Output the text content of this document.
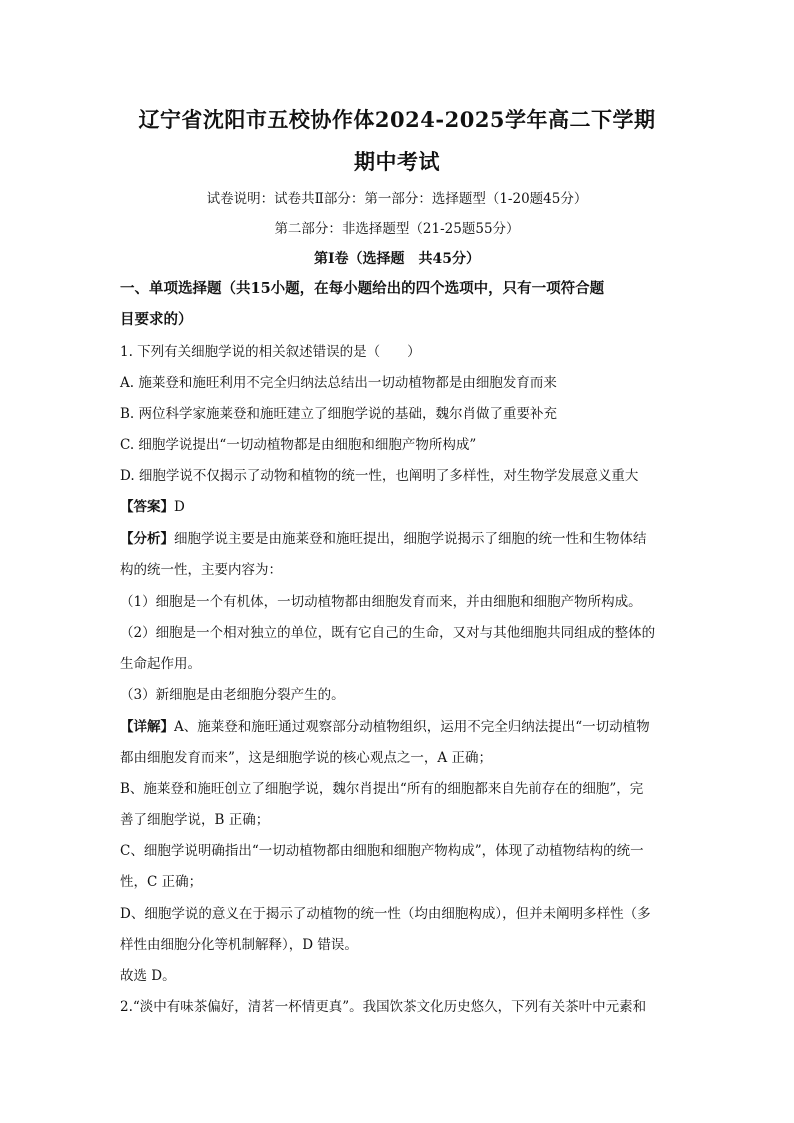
辽宁省沈阳市五校协作体2024-2025学年高二下学期
期中考试
试卷说明：试卷共Ⅱ部分：第一部分：选择题型（1-20题45分）
第二部分：非选择题型（21-25题55分）
第Ⅰ卷（选择题　共45分）
一、单项选择题（共15小题，在每小题给出的四个选项中，只有一项符合题
目要求的）
1. 下列有关细胞学说的相关叙述错误的是（　　）
A. 施莱登和施旺利用不完全归纳法总结出一切动植物都是由细胞发育而来
B. 两位科学家施莱登和施旺建立了细胞学说的基础，魏尔肖做了重要补充
C. 细胞学说提出“一切动植物都是由细胞和细胞产物所构成”
D. 细胞学说不仅揭示了动物和植物的统一性，也阐明了多样性，对生物学发展意义重大
【答案】D
【分析】细胞学说主要是由施莱登和施旺提出，细胞学说揭示了细胞的统一性和生物体结
构的统一性，主要内容为：
（1）细胞是一个有机体，一切动植物都由细胞发育而来，并由细胞和细胞产物所构成。
（2）细胞是一个相对独立的单位，既有它自己的生命，又对与其他细胞共同组成的整体的
生命起作用。
（3）新细胞是由老细胞分裂产生的。
【详解】A、施莱登和施旺通过观察部分动植物组织，运用不完全归纳法提出“一切动植物
都由细胞发育而来”，这是细胞学说的核心观点之一，A 正确；
B、施莱登和施旺创立了细胞学说，魏尔肖提出“所有的细胞都来自先前存在的细胞”，完
善了细胞学说，B 正确；
C、细胞学说明确指出“一切动植物都由细胞和细胞产物构成”，体现了动植物结构的统一
性，C 正确；
D、细胞学说的意义在于揭示了动植物的统一性（均由细胞构成），但并未阐明多样性（多
样性由细胞分化等机制解释），D 错误。
故选 D。
2.“淡中有味茶偏好，清茗一杯情更真”。我国饮茶文化历史悠久，下列有关茶叶中元素和
